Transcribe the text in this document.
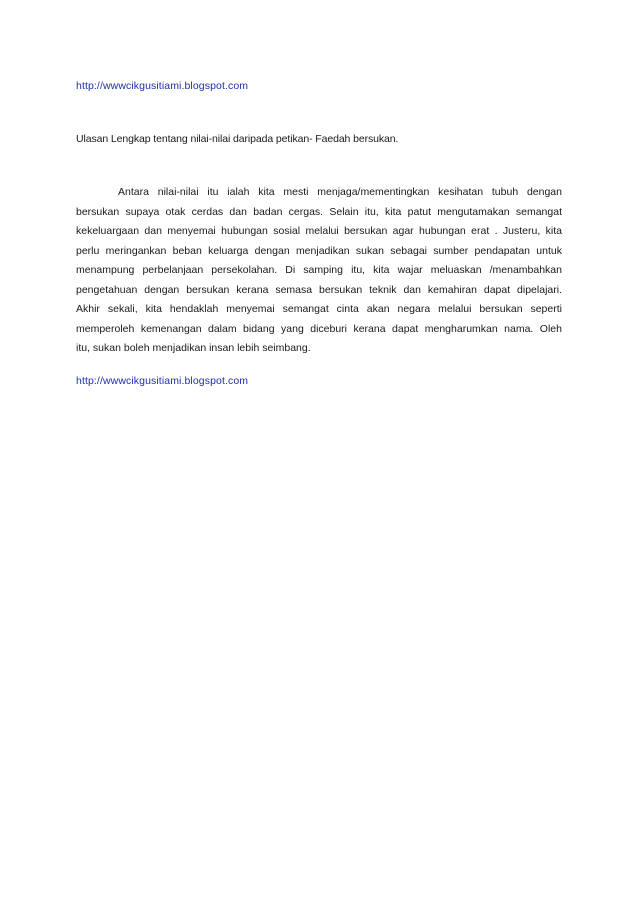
http://wwwcikgusitiami.blogspot.com
Ulasan Lengkap tentang nilai-nilai daripada petikan- Faedah bersukan.
Antara nilai-nilai itu ialah kita mesti menjaga/mementingkan kesihatan tubuh dengan
bersukan supaya otak cerdas dan badan cergas. Selain itu, kita patut mengutamakan semangat
kekeluargaan dan menyemai hubungan sosial melalui bersukan agar hubungan erat . Justeru, kita
perlu meringankan beban keluarga dengan menjadikan sukan sebagai sumber pendapatan untuk
menampung perbelanjaan persekolahan. Di samping itu, kita wajar meluaskan /menambahkan
pengetahuan dengan bersukan kerana semasa bersukan teknik dan kemahiran dapat dipelajari.
Akhir sekali, kita hendaklah menyemai semangat cinta akan negara melalui bersukan seperti
memperoleh kemenangan dalam bidang yang diceburi kerana dapat mengharumkan nama. Oleh
itu, sukan boleh menjadikan insan lebih seimbang.
http://wwwcikgusitiami.blogspot.com
